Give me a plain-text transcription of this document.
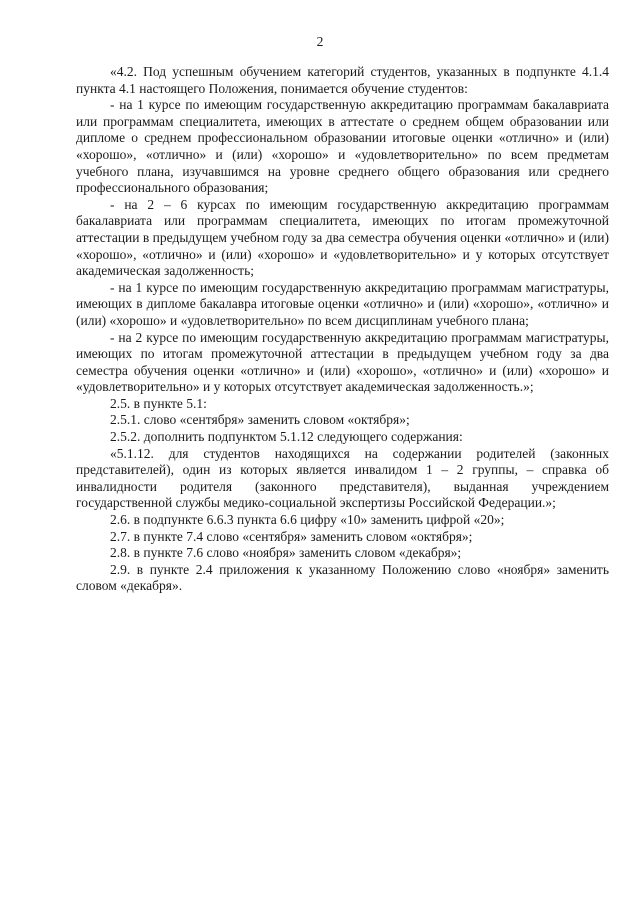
2

«4.2. Под успешным обучением категорий студентов, указанных в подпункте 4.1.4 пункта 4.1 настоящего Положения, понимается обучение студентов:

- на 1 курсе по имеющим государственную аккредитацию программам бакалавриата или программам специалитета, имеющих в аттестате о среднем общем образовании или дипломе о среднем профессиональном образовании итоговые оценки «отлично» и (или) «хорошо», «отлично» и (или) «хорошо» и «удовлетворительно» по всем предметам учебного плана, изучавшимся на уровне среднего общего образования или среднего профессионального образования;

- на 2 – 6 курсах по имеющим государственную аккредитацию программам бакалавриата или программам специалитета, имеющих по итогам промежуточной аттестации в предыдущем учебном году за два семестра обучения оценки «отлично» и (или) «хорошо», «отлично» и (или) «хорошо» и «удовлетворительно» и у которых отсутствует академическая задолженность;

- на 1 курсе по имеющим государственную аккредитацию программам магистратуры, имеющих в дипломе бакалавра итоговые оценки «отлично» и (или) «хорошо», «отлично» и (или) «хорошо» и «удовлетворительно» по всем дисциплинам учебного плана;

- на 2 курсе по имеющим государственную аккредитацию программам магистратуры, имеющих по итогам промежуточной аттестации в предыдущем учебном году за два семестра обучения оценки «отлично» и (или) «хорошо», «отлично» и (или) «хорошо» и «удовлетворительно» и у которых отсутствует академическая задолженность.»;

2.5. в пункте 5.1:

2.5.1. слово «сентября» заменить словом «октября»;

2.5.2. дополнить подпунктом 5.1.12 следующего содержания:

«5.1.12. для студентов находящихся на содержании родителей (законных представителей), один из которых является инвалидом 1 – 2 группы, – справка об инвалидности родителя (законного представителя), выданная учреждением государственной службы медико-социальной экспертизы Российской Федерации.»;

2.6. в подпункте 6.6.3 пункта 6.6 цифру «10» заменить цифрой «20»;

2.7. в пункте 7.4 слово «сентября» заменить словом «октября»;

2.8. в пункте 7.6 слово «ноября» заменить словом «декабря»;

2.9. в пункте 2.4 приложения к указанному Положению слово «ноября» заменить словом «декабря».
